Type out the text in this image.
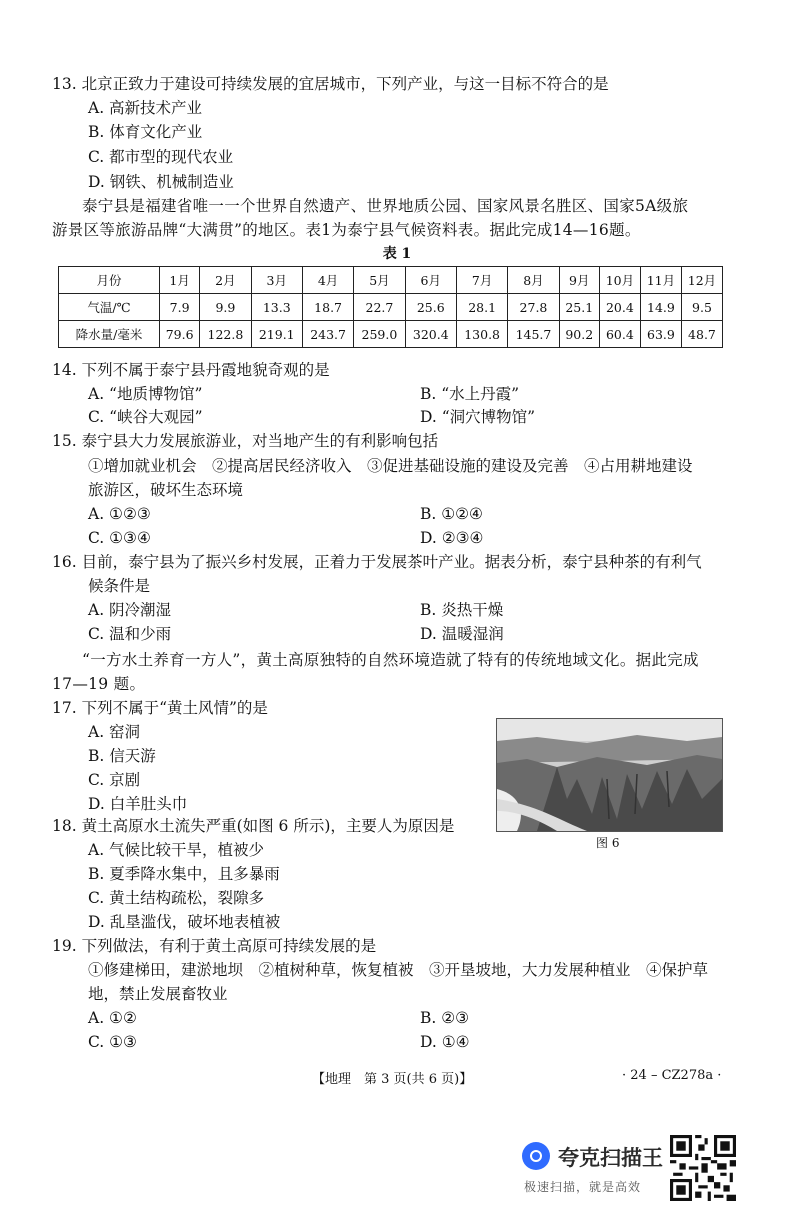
13. 北京正致力于建设可持续发展的宜居城市，下列产业，与这一目标不符合的是
A. 高新技术产业
B. 体育文化产业
C. 都市型的现代农业
D. 钢铁、机械制造业
泰宁县是福建省唯一一个世界自然遗产、世界地质公园、国家风景名胜区、国家5A级旅
游景区等旅游品牌“大满贯”的地区。表1为泰宁县气候资料表。据此完成14—16题。
表 1
月份	1月	2月	3月	4月	5月	6月	7月	8月	9月	10月	11月	12月
气温/℃	7.9	9.9	13.3	18.7	22.7	25.6	28.1	27.8	25.1	20.4	14.9	9.5
降水量/毫米	79.6	122.8	219.1	243.7	259.0	320.4	130.8	145.7	90.2	60.4	63.9	48.7
14. 下列不属于泰宁县丹霞地貌奇观的是
A. “地质博物馆”	B. “水上丹霞”
C. “峡谷大观园”	D. “洞穴博物馆”
15. 泰宁县大力发展旅游业，对当地产生的有利影响包括
①增加就业机会　②提高居民经济收入　③促进基础设施的建设及完善　④占用耕地建设
旅游区，破坏生态环境
A. ①②③	B. ①②④
C. ①③④	D. ②③④
16. 目前，泰宁县为了振兴乡村发展，正着力于发展茶叶产业。据表分析，泰宁县种茶的有利气
候条件是
A. 阴冷潮湿	B. 炎热干燥
C. 温和少雨	D. 温暖湿润
“一方水土养育一方人”，黄土高原独特的自然环境造就了特有的传统地域文化。据此完成
17—19 题。
17. 下列不属于“黄土风情”的是
A. 窑洞
B. 信天游
C. 京剧
D. 白羊肚头巾
图 6
18. 黄土高原水土流失严重(如图 6 所示)，主要人为原因是
A. 气候比较干旱，植被少
B. 夏季降水集中，且多暴雨
C. 黄土结构疏松，裂隙多
D. 乱垦滥伐，破坏地表植被
19. 下列做法，有利于黄土高原可持续发展的是
①修建梯田，建淤地坝　②植树种草，恢复植被　③开垦坡地，大力发展种植业　④保护草
地，禁止发展畜牧业
A. ①②	B. ②③
C. ①③	D. ①④
【地理　第 3 页(共 6 页)】	· 24 – CZ278a ·
夸克扫描王
极速扫描，就是高效
